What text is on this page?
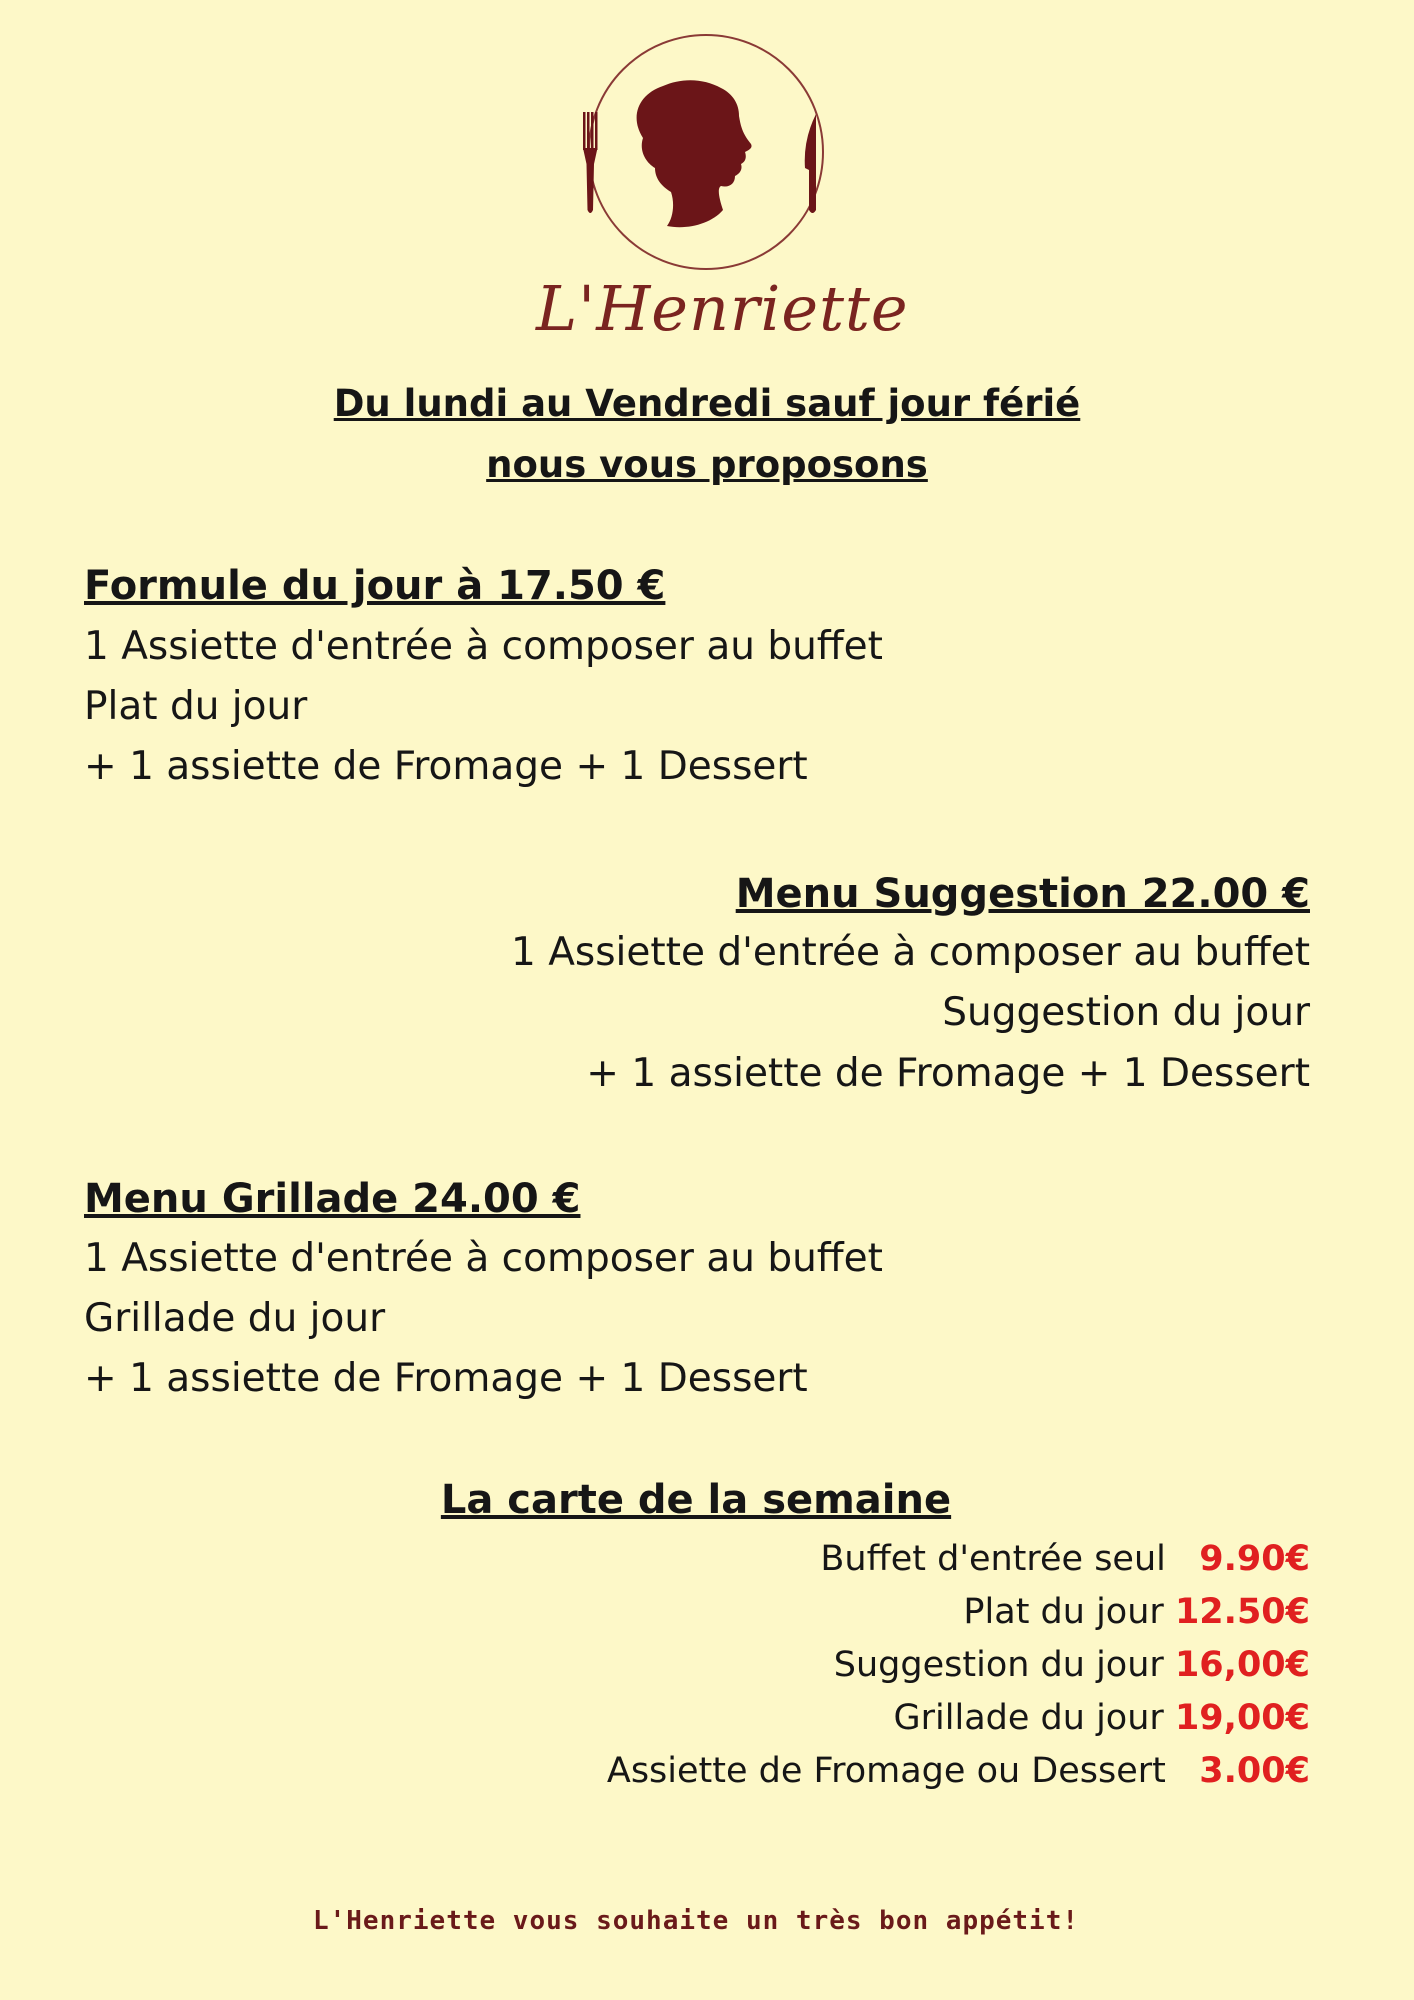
L'Henriette
Du lundi au Vendredi sauf jour férié
nous vous proposons
Formule du jour à 17.50 €
1 Assiette d'entrée à composer au buffet
Plat du jour
+ 1 assiette de Fromage + 1 Dessert
Menu Suggestion 22.00 €
1 Assiette d'entrée à composer au buffet
Suggestion du jour
+ 1 assiette de Fromage + 1 Dessert
Menu Grillade 24.00 €
1 Assiette d'entrée à composer au buffet
Grillade du jour
+ 1 assiette de Fromage + 1 Dessert
La carte de la semaine
Buffet d'entrée seul 9.90€
Plat du jour 12.50€
Suggestion du jour 16,00€
Grillade du jour 19,00€
Assiette de Fromage ou Dessert 3.00€
L'Henriette vous souhaite un très bon appétit!
